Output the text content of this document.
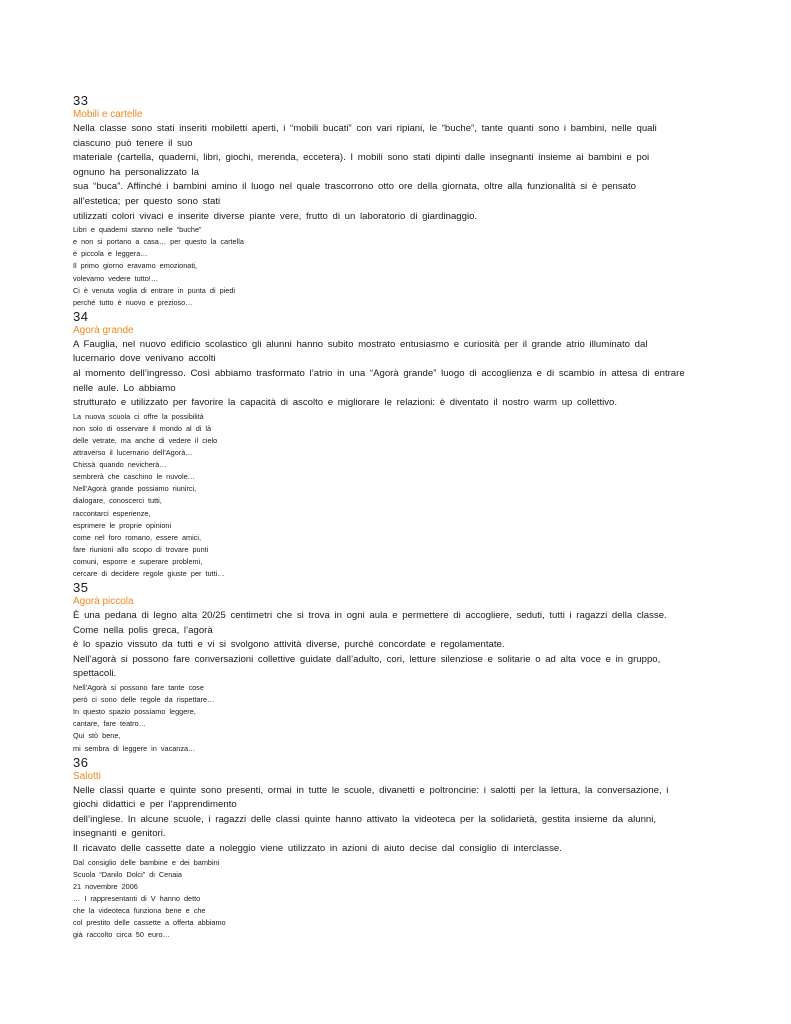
33

Mobili e cartelle

Nella classe sono stati inseriti mobiletti aperti, i “mobili bucati” con vari ripiani, le “buche”, tante quanti sono i bambini, nelle quali
ciascuno può tenere il suo
materiale (cartella, quaderni, libri, giochi, merenda, eccetera). I mobili sono stati dipinti dalle insegnanti insieme ai bambini e poi
ognuno ha personalizzato la
sua “buca”. Affinché i bambini amino il luogo nel quale trascorrono otto ore della giornata, oltre alla funzionalità si è pensato
all’estetica; per questo sono stati
utilizzati colori vivaci e inserite diverse piante vere, frutto di un laboratorio di giardinaggio.
Libri e quaderni stanno nelle “buche”
e non si portano a casa… per questo la cartella
è piccola e leggera…
Il primo giorno eravamo emozionati,
volevamo vedere tutto!…
Ci è venuta voglia di entrare in punta di piedi
perché tutto è nuovo e prezioso…

34

Agorà grande

A Fauglia, nel nuovo edificio scolastico gli alunni hanno subito mostrato entusiasmo e curiosità per il grande atrio illuminato dal
lucernario dove venivano accolti
al momento dell’ingresso. Così abbiamo trasformato l’atrio in una “Agorà grande” luogo di accoglienza e di scambio in attesa di entrare
nelle aule. Lo abbiamo
strutturato e utilizzato per favorire la capacità di ascolto e migliorare le relazioni: è diventato il nostro warm up collettivo.
La nuova scuola ci offre la possibilità
non solo di osservare il mondo al di là
delle vetrate, ma anche di vedere il cielo
attraverso il lucernario dell’Agorà…
Chissà quando nevicherà…
sembrerà che caschino le nuvole…
Nell’Agorà grande possiamo riunirci,
dialogare, conoscerci tutti,
raccontarci esperienze,
esprimere le proprie opinioni
come nel foro romano, essere amici,
fare riunioni allo scopo di trovare punti
comuni, esporre e superare problemi,
cercare di decidere regole giuste per tutti…

35

Agorà piccola

È una pedana di legno alta 20/25 centimetri che si trova in ogni aula e permettere di accogliere, seduti, tutti i ragazzi della classe.
Come nella polis greca, l’agorà
è lo spazio vissuto da tutti e vi si svolgono attività diverse, purché concordate e regolamentate.
Nell’agorà si possono fare conversazioni collettive guidate dall’adulto, cori, letture silenziose e solitarie o ad alta voce e in gruppo,
spettacoli.
Nell’Agorà si possono fare tante cose
però ci sono delle regole da rispettare…
In questo spazio possiamo leggere,
cantare, fare teatro…
Qui stò bene,
mi sembra di leggere in vacanza…

36

Salotti

Nelle classi quarte e quinte sono presenti, ormai in tutte le scuole, divanetti e poltroncine: i salotti per la lettura, la conversazione, i
giochi didattici e per l’apprendimento
dell’inglese. In alcune scuole, i ragazzi delle classi quinte hanno attivato la videoteca per la solidarietà, gestita insieme da alunni,
insegnanti e genitori.
Il ricavato delle cassette date a noleggio viene utilizzato in azioni di aiuto decise dal consiglio di interclasse.
Dal consiglio delle bambine e dei bambini
Scuola “Danilo Dolci” di Cenaia
21 novembre 2006
… I rappresentanti di V hanno detto
che la videoteca funziona bene e che
col prestito delle cassette a offerta abbiamo
già raccolto circa 50 euro…
